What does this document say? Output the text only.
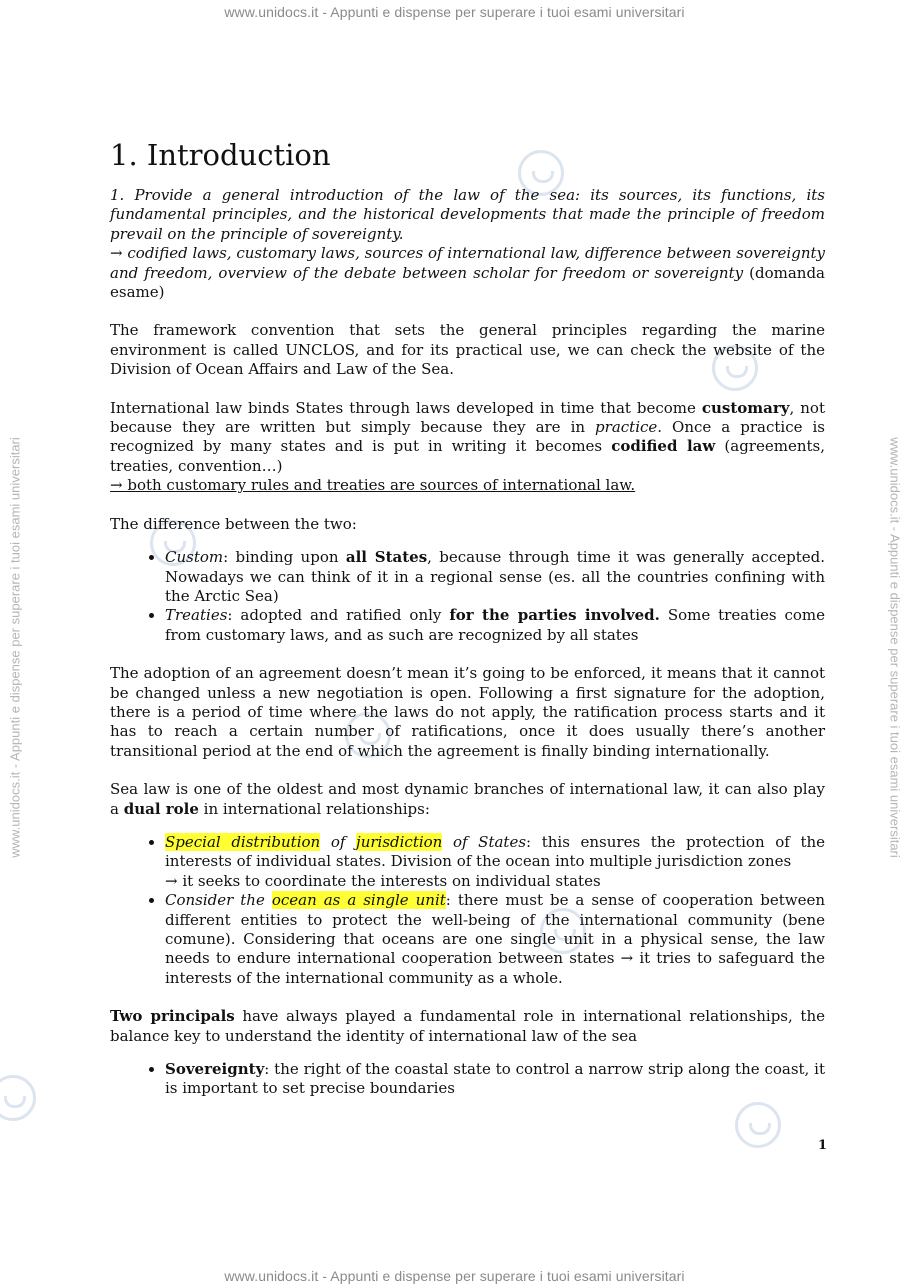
www.unidocs.it - Appunti e dispense per superare i tuoi esami universitari
www.unidocs.it - Appunti e dispense per superare i tuoi esami universitari
www.unidocs.it - Appunti e dispense per superare i tuoi esami universitari	www.unidocs.it - Appunti e dispense per superare i tuoi esami universitari
1. Introduction

1. Provide a general introduction of the law of the sea: its sources, its functions, its fundamental principles, and the historical developments that made the principle of freedom prevail on the principle of sovereignty.

→ codified laws, customary laws, sources of international law, difference between sovereignty and freedom, overview of the debate between scholar for freedom or sovereignty (domanda esame)

The framework convention that sets the general principles regarding the marine environment is called UNCLOS, and for its practical use, we can check the website of the Division of Ocean Affairs and Law of the Sea.

International law binds States through laws developed in time that become customary, not because they are written but simply because they are in practice. Once a practice is recognized by many states and is put in writing it becomes codified law (agreements, treaties, convention…)
→ both customary rules and treaties are sources of international law.

The difference between the two:

• Custom: binding upon all States, because through time it was generally accepted. Nowadays we can think of it in a regional sense (es. all the countries confining with the Arctic Sea)
• Treaties: adopted and ratified only for the parties involved. Some treaties come from customary laws, and as such are recognized by all states

The adoption of an agreement doesn’t mean it’s going to be enforced, it means that it cannot be changed unless a new negotiation is open. Following a first signature for the adoption, there is a period of time where the laws do not apply, the ratification process starts and it has to reach a certain number of ratifications, once it does usually there’s another transitional period at the end of which the agreement is finally binding internationally.

Sea law is one of the oldest and most dynamic branches of international law, it can also play a dual role in international relationships:

• Special distribution of jurisdiction of States: this ensures the protection of the interests of individual states. Division of the ocean into multiple jurisdiction zones
→ it seeks to coordinate the interests on individual states
• Consider the ocean as a single unit: there must be a sense of cooperation between different entities to protect the well-being of the international community (bene comune). Considering that oceans are one single unit in a physical sense, the law needs to endure international cooperation between states → it tries to safeguard the interests of the international community as a whole.

Two principals have always played a fundamental role in international relationships, the balance key to understand the identity of international law of the sea

• Sovereignty: the right of the coastal state to control a narrow strip along the coast, it is important to set precise boundaries
1
